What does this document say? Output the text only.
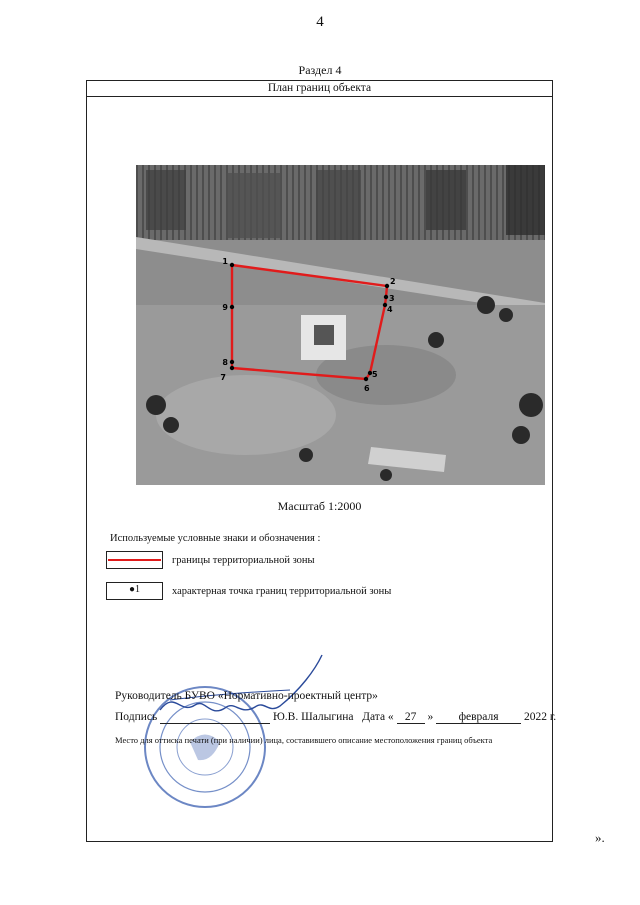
4
Раздел 4
План границ объекта
1
2
3
4
5
6
7
8
9
Масштаб 1:2000
Используемые условные знаки и обозначения :
границы территориальной зоны
●1	характерная точка границ территориальной зоны
Руководитель БУВО «Нормативно-проектный центр»
Подпись	Ю.В. Шалыгина Дата « 27 » февраля 2022 г.
Место для оттиска печати (при наличии) лица, составившего описание местоположения границ объекта
».
